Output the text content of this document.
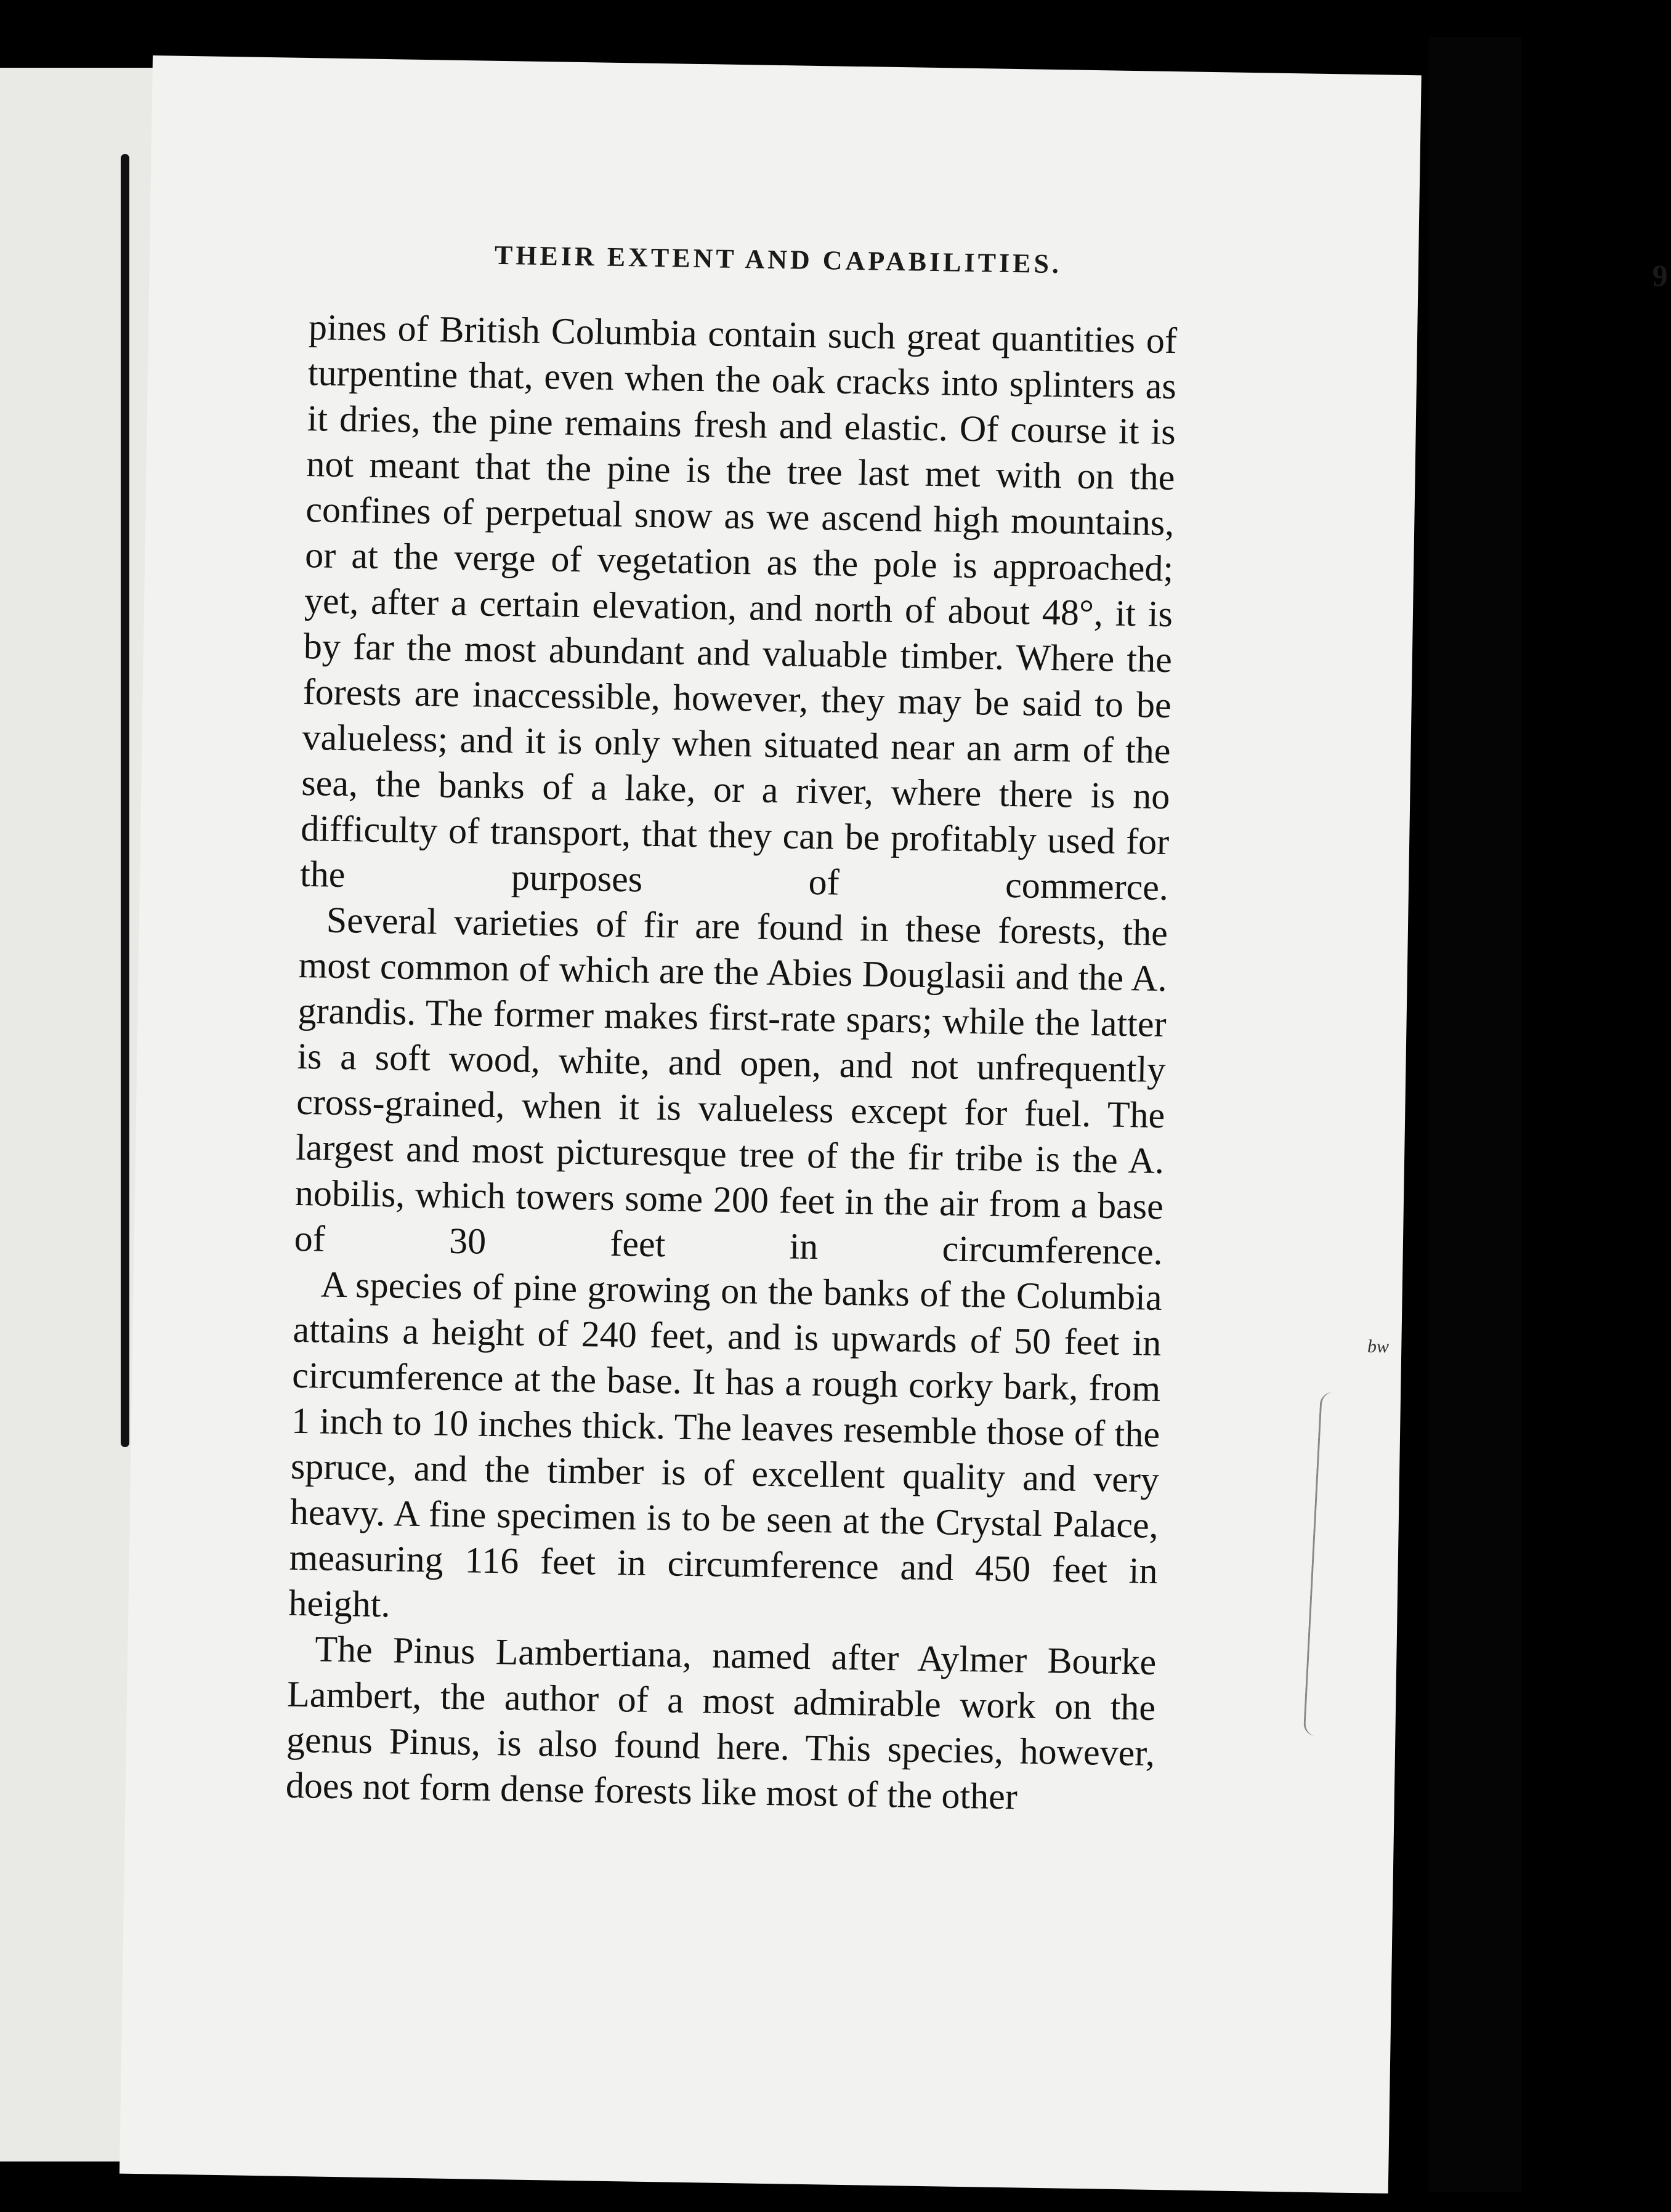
THEIR EXTENT AND CAPABILITIES.	9

pines of British Columbia contain such great quantities of turpentine that, even when the oak cracks into splinters as it dries, the pine remains fresh and elastic. Of course it is not meant that the pine is the tree last met with on the confines of perpetual snow as we ascend high mountains, or at the verge of vegetation as the pole is approached; yet, after a certain elevation, and north of about 48°, it is by far the most abundant and valuable timber. Where the forests are inaccessible, however, they may be said to be valueless; and it is only when situated near an arm of the sea, the banks of a lake, or a river, where there is no difficulty of transport, that they can be profitably used for the purposes of commerce.

Several varieties of fir are found in these forests, the most common of which are the Abies Douglasii and the A. grandis. The former makes first-rate spars; while the latter is a soft wood, white, and open, and not unfrequently cross-grained, when it is valueless except for fuel. The largest and most picturesque tree of the fir tribe is the A. nobilis, which towers some 200 feet in the air from a base of 30 feet in circumference.

A species of pine growing on the banks of the Columbia attains a height of 240 feet, and is upwards of 50 feet in circumference at the base. It has a rough corky bark, from 1 inch to 10 inches thick. The leaves resemble those of the spruce, and the timber is of excellent quality and very heavy. A fine specimen is to be seen at the Crystal Palace, measuring 116 feet in circumference and 450 feet in height.

The Pinus Lambertiana, named after Aylmer Bourke Lambert, the author of a most admirable work on the genus Pinus, is also found here. This species, however, does not form dense forests like most of the other

bw
